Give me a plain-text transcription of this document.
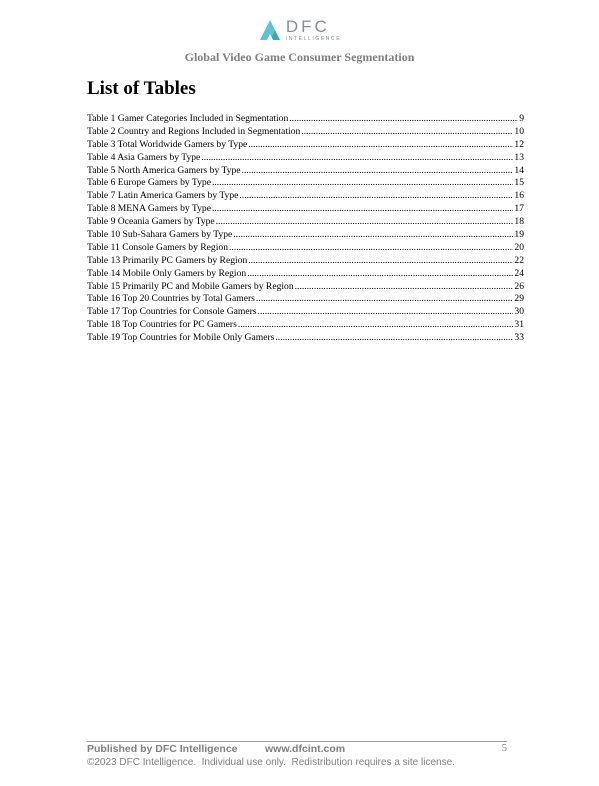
DFC
INTELLIGENCE
Global Video Game Consumer Segmentation
List of Tables
Table 1 Gamer Categories Included in Segmentation .....	9
Table 2 Country and Regions Included in Segmentation .....	10
Table 3 Total Worldwide Gamers by Type .....	12
Table 4 Asia Gamers by Type .....	13
Table 5 North America Gamers by Type .....	14
Table 6 Europe Gamers by Type .....	15
Table 7 Latin America Gamers by Type .....	16
Table 8 MENA Gamers by Type .....	17
Table 9 Oceania Gamers by Type .....	18
Table 10 Sub-Sahara Gamers by Type .....	19
Table 11 Console Gamers by Region .....	20
Table 13 Primarily PC Gamers by Region .....	22
Table 14 Mobile Only Gamers by Region .....	24
Table 15 Primarily PC and Mobile Gamers by Region .....	26
Table 16 Top 20 Countries by Total Gamers .....	29
Table 17 Top Countries for Console Gamers .....	30
Table 18 Top Countries for PC Gamers .....	31
Table 19 Top Countries for Mobile Only Gamers .....	33
Published by DFC Intelligence	www.dfcint.com	5
©2023 DFC Intelligence.  Individual use only.  Redistribution requires a site license.
